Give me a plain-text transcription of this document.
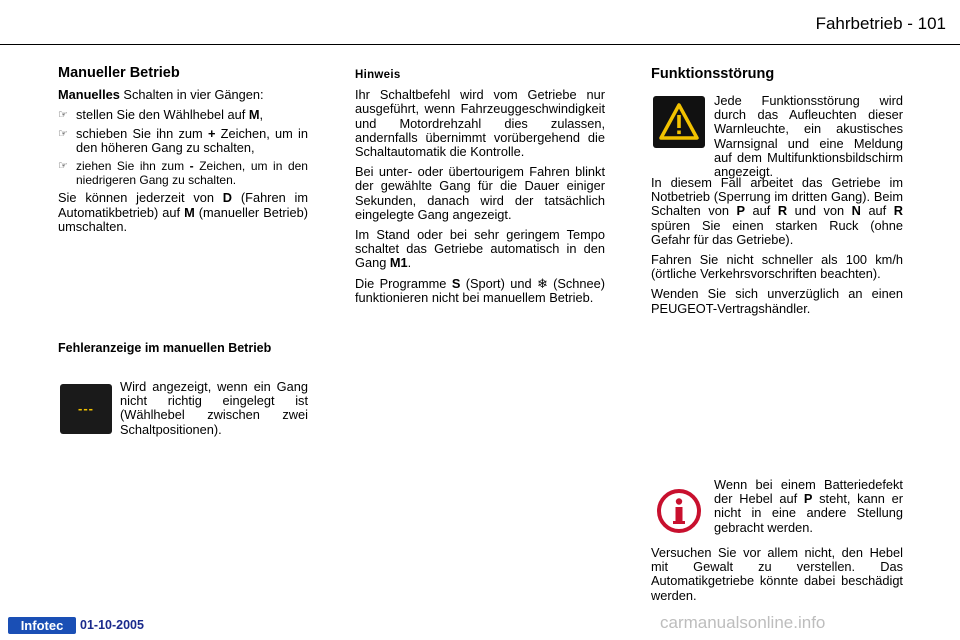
Fahrbetrieb - 101
Manueller Betrieb

Manuelles Schalten in vier Gängen:

☞ stellen Sie den Wählhebel auf M,
☞ schieben Sie ihn zum + Zeichen, um in den höheren Gang zu schalten,
☞ ziehen Sie ihn zum - Zeichen, um in den niedrigeren Gang zu schalten.

Sie können jederzeit von D (Fahren im Automatikbetrieb) auf M (manueller Betrieb) umschalten.

Fehleranzeige im manuellen Betrieb
---

Wird angezeigt, wenn ein Gang nicht richtig eingelegt ist (Wählhebel zwischen zwei Schaltpositionen).

Hinweis

Ihr Schaltbefehl wird vom Getriebe nur ausgeführt, wenn Fahrzeuggeschwindigkeit und Motordrehzahl dies zulassen, andernfalls übernimmt vorübergehend die Schaltautomatik die Kontrolle.

Bei unter- oder übertourigem Fahren blinkt der gewählte Gang für die Dauer einiger Sekunden, danach wird der tatsächlich eingelegte Gang angezeigt.

Im Stand oder bei sehr geringem Tempo schaltet das Getriebe automatisch in den Gang M1.

Die Programme S (Sport) und ❄ (Schnee) funktionieren nicht bei manuellem Betrieb.

Funktionsstörung

Jede Funktionsstörung wird durch das Aufleuchten dieser Warnleuchte, ein akustisches Warnsignal und eine Meldung auf dem Multifunktionsbildschirm angezeigt.

In diesem Fall arbeitet das Getriebe im Notbetrieb (Sperrung im dritten Gang). Beim Schalten von P auf R und von N auf R spüren Sie einen starken Ruck (ohne Gefahr für das Getriebe).

Fahren Sie nicht schneller als 100 km/h (örtliche Verkehrsvorschriften beachten).

Wenden Sie sich unverzüglich an einen PEUGEOT-Vertragshändler.

Wenn bei einem Batteriedefekt der Hebel auf P steht, kann er nicht in eine andere Stellung gebracht werden.

Versuchen Sie vor allem nicht, den Hebel mit Gewalt zu verstellen. Das Automatikgetriebe könnte dabei beschädigt werden.

Infotec	01-10-2005	carmanualsonline.info
